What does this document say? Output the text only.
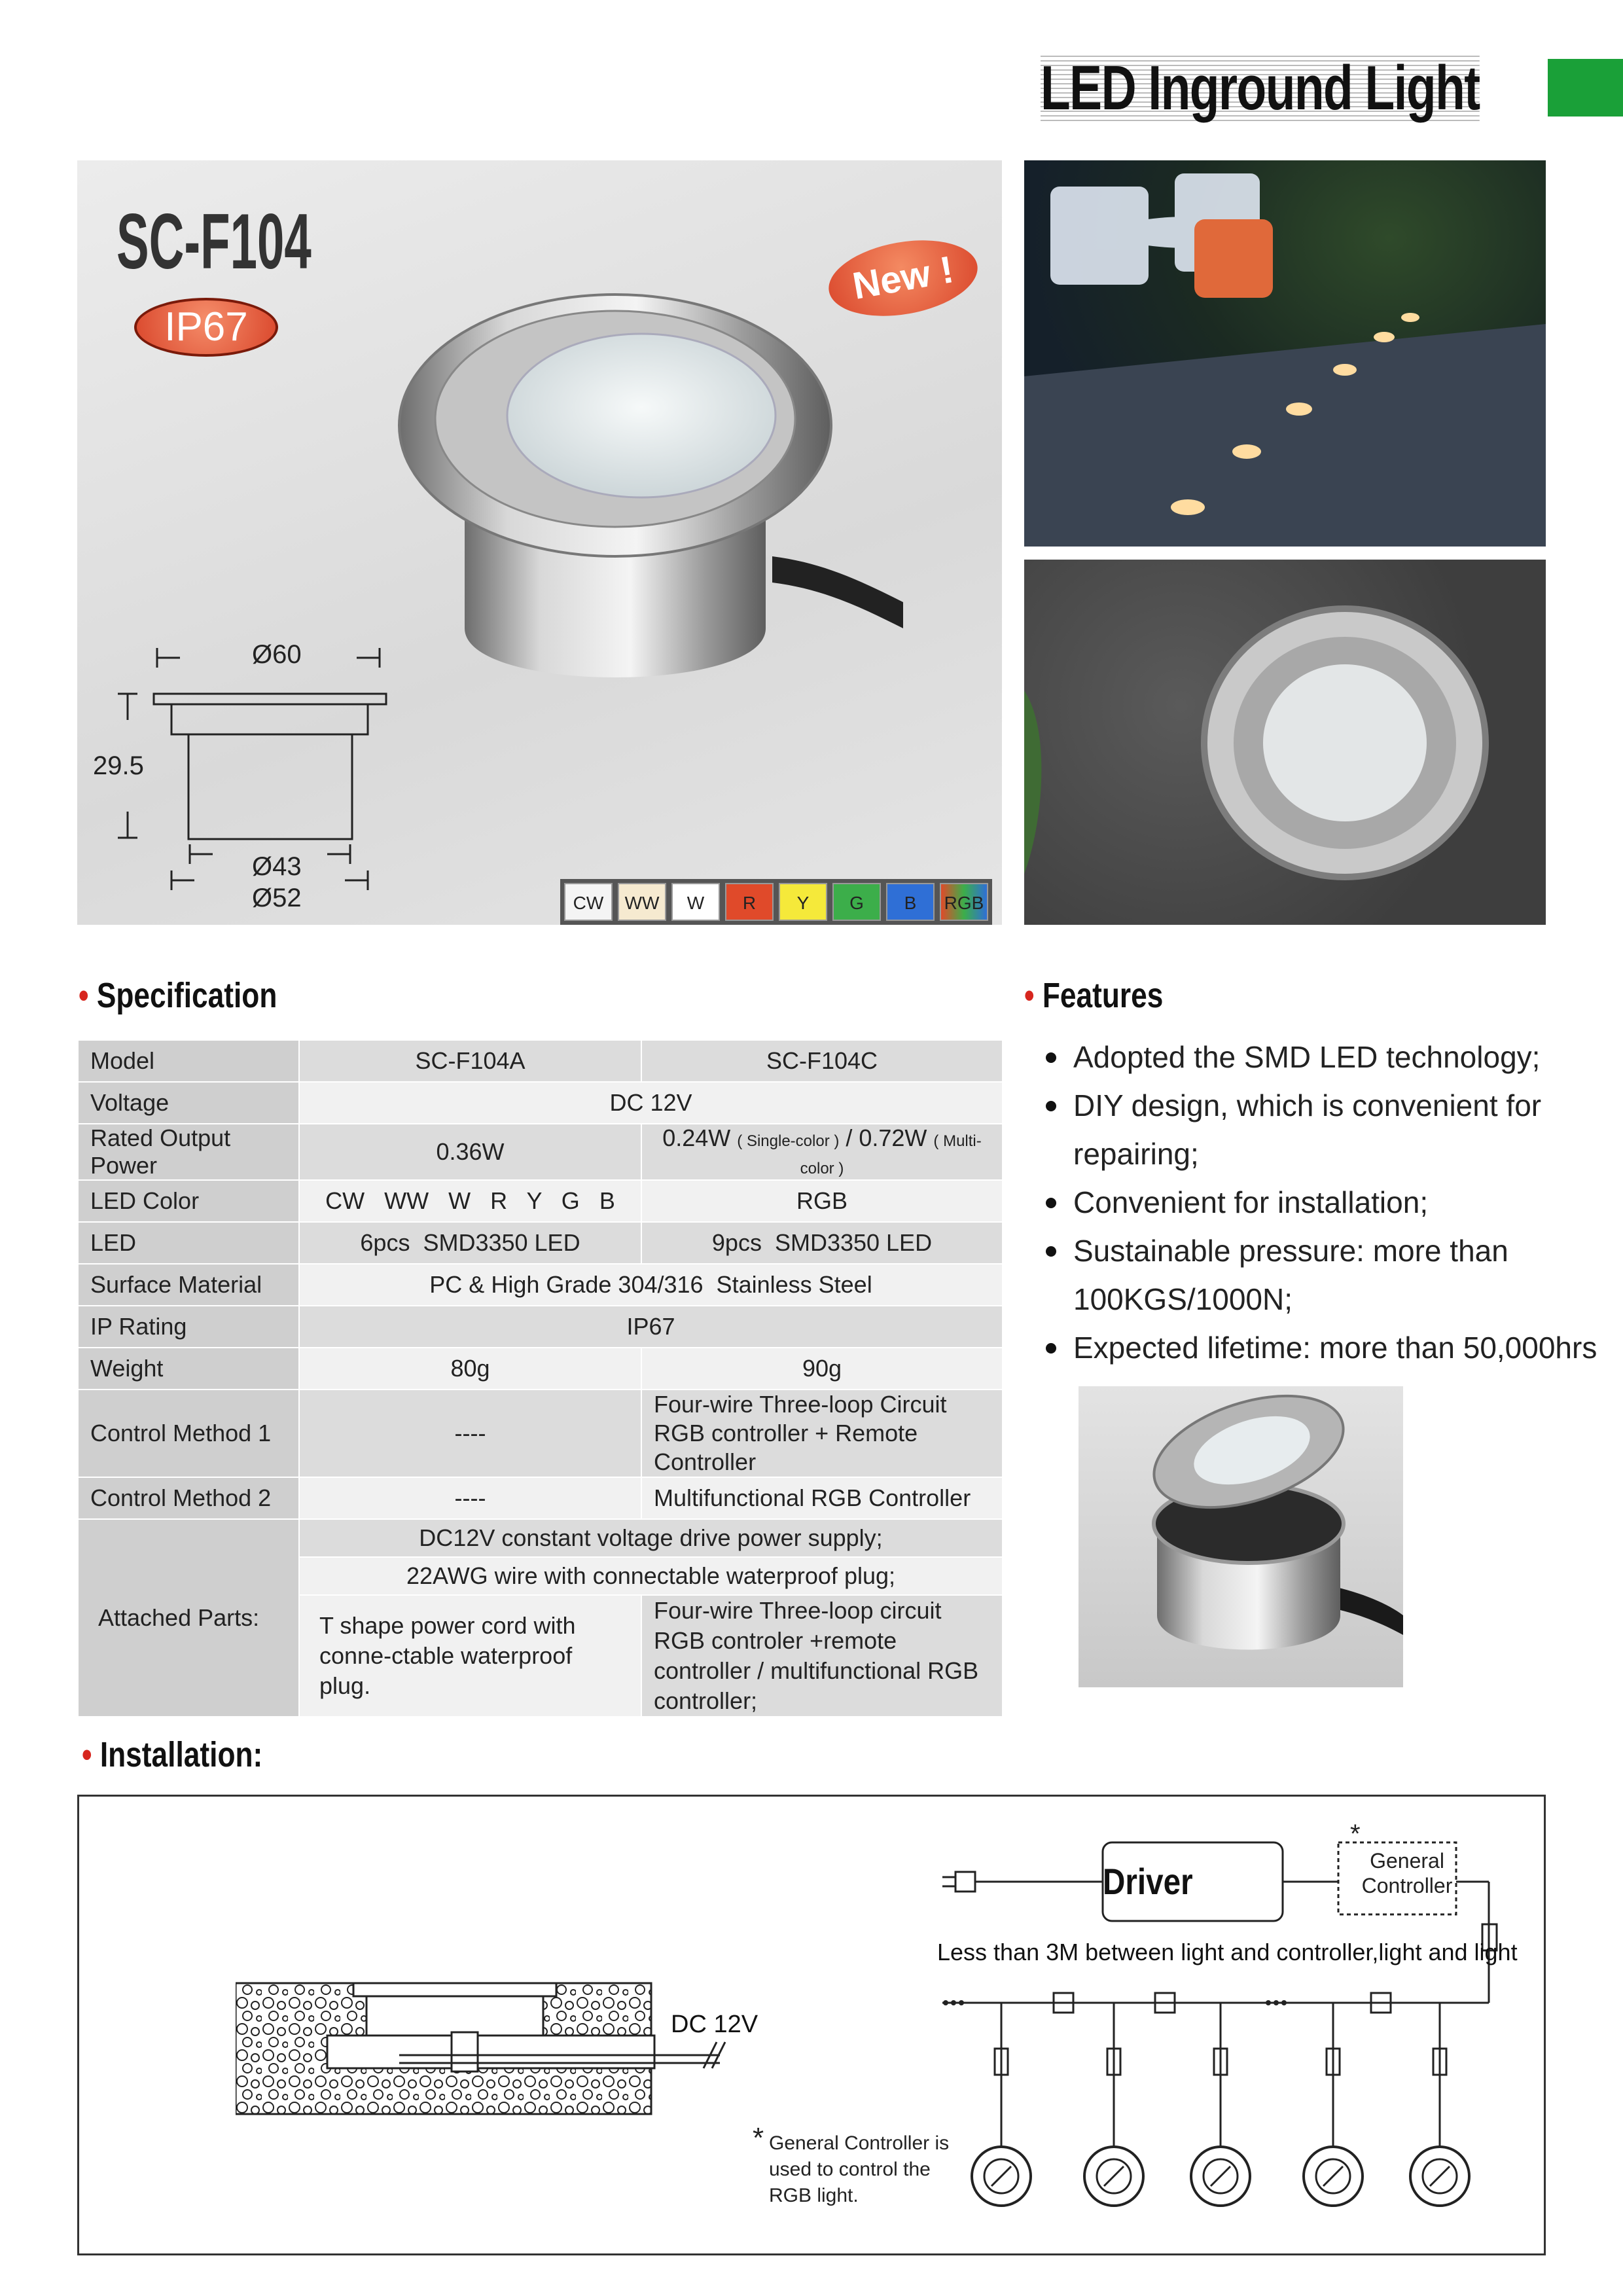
LED Inground Light
SC-F104
IP67
New !
Ø60
29.5
Ø43
Ø52	CW	WW	W	R	Y	G	B	RGB
• Specification
Model	SC-F104A	SC-F104C
Voltage	DC 12V	
Rated Output Power	0.36W	0.24W ( Single-color ) / 0.72W ( Multi-color )
LED Color	CW   WW   W   R   Y   G   B	RGB
LED	6pcs  SMD3350 LED	9pcs  SMD3350 LED
Surface Material	PC & High Grade 304/316  Stainless Steel	
IP Rating	IP67	
Weight	80g	90g
Control Method 1	----	Four-wire Three-loop Circuit RGB controller + Remote Controller
Control Method 2	----	Multifunctional RGB Controller
Attached Parts:	DC12V constant voltage drive power supply;	
	22AWG wire with connectable waterproof plug;	
	T shape power cord with conne-ctable waterproof plug.	Four-wire Three-loop circuit RGB controler +remote controller / multifunctional RGB controller;
• Features
Adopted the SMD LED technology;
DIY design, which is convenient for repairing;
Convenient for installation;
Sustainable pressure: more than 100KGS/1000N;
Expected lifetime: more than 50,000hrs
• Installation:
DC 12V
Driver
*
General Controller
Less than 3M between light and controller,light and light
* General Controller is used to control the RGB light.
